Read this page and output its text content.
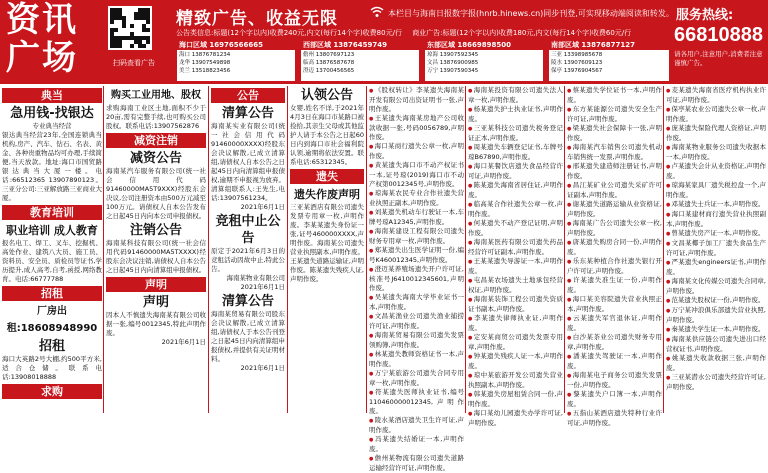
资讯
广场	扫码查看广告
精致广告、收益无限	本栏目与海南日报数字报(hnrb.hinews.cn)同步刊登,可实现移动端阅读和转发。
公告类信息:标题(12个字以内)收费240元,内文(每行14个字)收费80元/行 商业广告:标题(12个字以内)收费180元,内文(每行14个字)收费60元/行
海口区域 16976566665
海口 13876781234
龙华 13907549898
美兰 13518823456
西部区域 13876459749
儋州 13807697123
临高 13876587678
澄迈 13700456565
东部区域 18669898500
琼海 13907592345
文昌 13876900985
万宁 13907590345
南部区域 13876877127
三亚 13398985678
陵水 13907609123
保亭 13976904567
服务热线:
66810888
请各用户,注意用户,消费者注意谨慎广告。
典当
急用钱-找银达
专业典当经营
银达典当经营23年,全国连锁典当机构,房产、汽车、钻石、名表、黄金、各种贵重物品均可办理,手续简便,当天放款。地址:海口市国贸路银达典当大厦一楼。电话:66512365 13907890123。三亚分公司:三亚解放路三亚商业大厦。
教育培训
职业培训 成人教育
报名电工、焊工、叉车、挖掘机、高处作业、建筑八大员、施工员、资料员、安全员、质检员等证书,学历提升,成人高考,自考,函授,网络教育。电话:66777788
招租
厂房出租:18608948990
招租
海口大英路2号大棚,约500平方米,适合仓储。联系电话:13908018888
求购
购买工业用地、股权
求购海南工业区土地,面积不少于20亩,需有完整手续,也可购买公司股权。联系电话:13907562876
减资注销
减资公告
海南某汽车服务有限公司(统一社会信用代码91460000MA5T9XXX)经股东会决议,公司注册资本由500万元减至100万元。请债权人自本公告发布之日起45日内向本公司申报债权。
注销公告
海南某科技有限公司(统一社会信用代码91460000MA5TXXXX)经股东会决议注销,请债权人自本公告之日起45日内向清算组申报债权。
声明
声明
因本人不慎遗失海南某有限公司收据一张,编号0012345,特此声明作废。
2021年6月1日
公告
清算公告
海南某实业有限公司(统一社会信用代码91460000XXXX)经股东会决议解散,已成立清算组,请债权人自本公告之日起45日内向清算组申报债权,逾期不申报视为放弃。清算组联系人:王先生,电话:13907561234。
2021年6月1日
竞租中止公告
原定于2021年6月3日的竞租活动因故中止,特此公告。
海南某物业有限公司 2021年6月1日
清算公告
海南某贸易有限公司股东会决议解散,已成立清算组,请债权人于本公告刊登之日起45日内向清算组申报债权,并提供有关证明材料。
2021年6月1日
认领公告
女婴,姓名不详,于2021年4月3日在海口市某路口被捡拾,其亲生父母或其他监护人请于本公告之日起60日内到海口市社会福利院认领,逾期将依法安置。联系电话:65312345。
遗失
遗失作废声明
三亚某酒店有限公司遗失发票专用章一枚,声明作废。李某某遗失身份证一张,证号460000XXXX,声明作废。海南某公司遗失营业执照副本,声明作废。王某遗失道路运输证,声明作废。陈某遗失残疾人证,声明作废。

● 《股权转让》李某遗失海南某开发有限公司出资证明书一张,声明作废。

● 王某遗失海南某房地产公司收款收据一张,号码0056789,声明作废。

● 海口某商行遗失公章一枚,声明作废。

● 黄某遗失海口市不动产权证书一本,证号琼(2019)海口市不动产权第0012345号,声明作废。

● 琼海某农民专业合作社遗失营业执照正副本,声明作废。

● 刘某遗失机动车行驶证一本,车牌号琼A12345,声明作废。

● 海南某建设工程有限公司遗失财务专用章一枚,声明作废。

● 郑某遗失出生医学证明一份,编号K460012345,声明作废。

● 澄迈某养殖场遗失开户许可证,核准号J6410012345601,声明作废。

● 吴某遗失海南大学毕业证书一本,声明作废。

● 文昌某渔业公司遗失渔业捕捞许可证,声明作废。

● 海南某贸易有限公司遗失发票领购簿,声明作废。

● 林某遗失教师资格证书一本,声明作废。

● 万宁某旅游公司遗失合同专用章一枚,声明作废。

● 符某遗失医师执业证书,编号110460000012345,声明作废。

● 陵水某酒店遗失卫生许可证,声明作废。

● 冯某遗失结婚证一本,声明作废。

● 儋州某物流有限公司遗失道路运输经营许可证,声明作废。

● 海南某投资有限公司遗失法人章一枚,声明作废。

● 杨某遗失护士执业证书,声明作废。

● 三亚某科技公司遗失税务登记证正本,声明作废。

● 周某遗失车辆登记证书,车牌号琼B67890,声明作废。

● 海口某餐饮店遗失食品经营许可证,声明作废。

● 陈某遗失海南省居住证,声明作废。

● 临高某合作社遗失公章一枚,声明作废。

● 何某遗失不动产登记证明,声明作废。

● 海南某医药有限公司遗失药品经营许可证副本,声明作废。

● 王某某遗失导游证一本,声明作废。

● 屯昌某农场遗失土地承包经营权证,声明作废。

● 海南某装饰工程公司遗失资质证书副本,声明作废。

● 李某遗失律师执业证,声明作废。

● 定安某商贸公司遗失发票专用章,声明作废。

● 钟某遗失残疾人证一本,声明作废。

● 琼中某旅游开发公司遗失营业执照副本,声明作废。

● 韩某遗失房屋租赁合同一份,声明作废。

● 海口某幼儿园遗失办学许可证,声明作废。

● 蔡某遗失学位证书一本,声明作废。

● 东方某能源公司遗失安全生产许可证,声明作废。

● 梁某遗失社会保障卡一张,声明作废。

● 海南某汽车销售公司遗失机动车销售统一发票,声明作废。

● 邢某遗失建造师注册证书,声明作废。

● 昌江某矿业公司遗失采矿许可证副本,声明作废。

● 谢某遗失道路运输从业资格证,声明作废。

● 海南某广告公司遗失公章一枚,声明作废。

● 唐某遗失购房合同一份,声明作废。

● 乐东某种植合作社遗失银行开户许可证,声明作废。

● 许某遗失准生证一份,声明作废。

● 海口某美容院遗失营业执照正本,声明作废。

● 云某遗失军官退休证,声明作废。

● 白沙某茶业公司遗失财务专用章,声明作废。

● 潘某遗失驾驶证一本,声明作废。

● 海南某电子商务公司遗失发票一份,声明作废。

● 黎某遗失户口簿一本,声明作废。

● 五指山某酒店遗失特种行业许可证,声明作废。

● 麦某遗失海南省医疗机构执业许可证,声明作废。

● 保亭某农业公司遗失公章一枚,声明作废。

● 庞某遗失保险代理人资格证,声明作废。

● 海南某物业服务公司遗失收据本一本,声明作废。

● 卢某遗失会计从业资格证,声明作废。

● 琼海某家具厂遗失税控盘一个,声明作废。

● 邓某遗失士兵证一本,声明作废。

● 海口某建材商行遗失营业执照副本,声明作废。

● 曾某遗失房产证一本,声明作废。

● 文昌某椰子加工厂遗失食品生产许可证,声明作废。

● 严某遗失engineers证书,声明作废。

● 海南某文化传媒公司遗失合同章,声明作废。

● 范某遗失股权证一份,声明作废。

● 万宁某冲浪俱乐部遗失营业执照,声明作废。

● 秦某遗失学生证一本,声明作废。

● 海南某供应链公司遗失进出口经营权证书,声明作废。

● 姚某遗失收款收据三张,声明作废。

● 三亚某潜水公司遗失经营许可证,声明作废。
